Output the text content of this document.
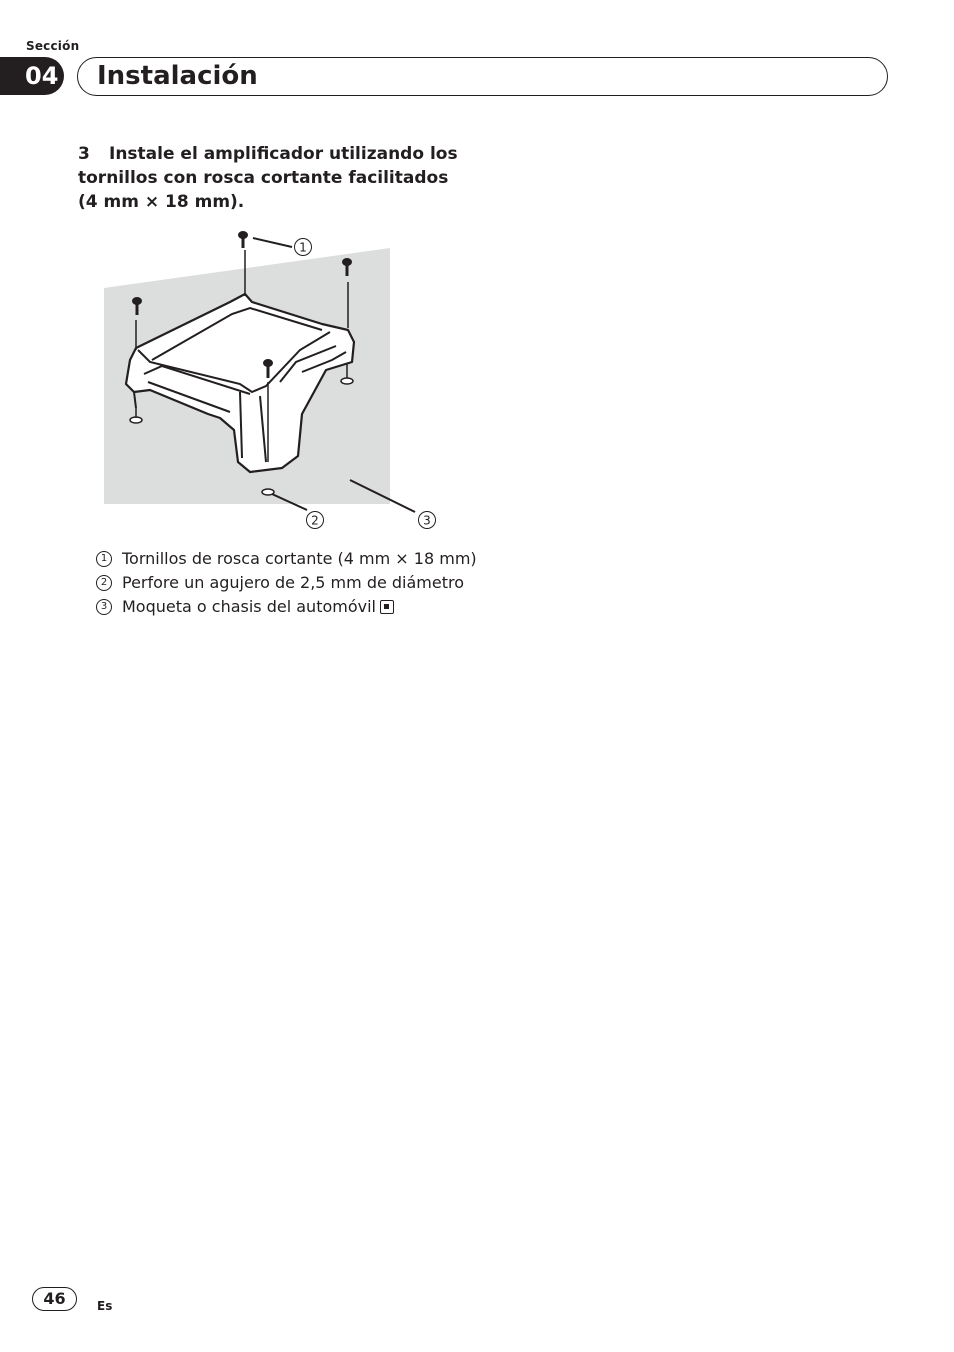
Sección
04 Instalación
3 Instale el amplificador utilizando los tornillos con rosca cortante facilitados (4 mm × 18 mm).
1
2	3
1 Tornillos de rosca cortante (4 mm × 18 mm)
2 Perfore un agujero de 2,5 mm de diámetro
3 Moqueta o chasis del automóvil
46	Es
